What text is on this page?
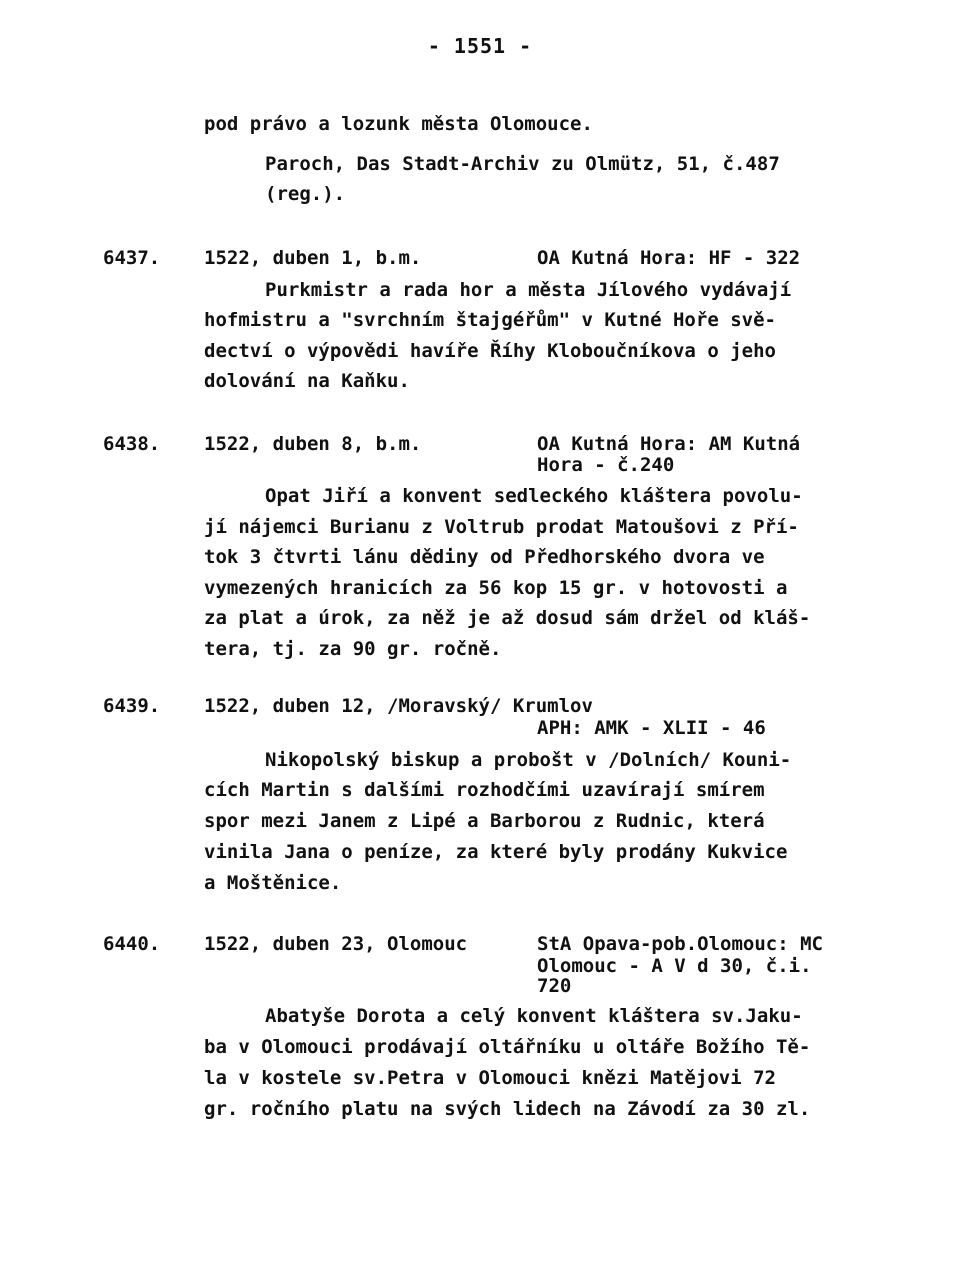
- 1551 -
pod právo a lozunk města Olomouce.
Paroch, Das Stadt-Archiv zu Olmütz, 51, č.487
(reg.).
6437. 1522, duben 1, b.m.	OA Kutná Hora: HF - 322
Purkmistr a rada hor a města Jílového vydávají
hofmistru a "svrchním štajgéřům" v Kutné Hoře svě-
dectví o výpovědi havíře Říhy Kloboučníkova o jeho
dolování na Kaňku.
6438. 1522, duben 8, b.m.	OA Kutná Hora: AM Kutná
Hora - č.240
Opat Jiří a konvent sedleckého kláštera povolu-
jí nájemci Burianu z Voltrub prodat Matoušovi z Pří-
tok 3 čtvrti lánu dědiny od Předhorského dvora ve
vymezených hranicích za 56 kop 15 gr. v hotovosti a
za plat a úrok, za něž je až dosud sám držel od kláš-
tera, tj. za 90 gr. ročně.
6439. 1522, duben 12, /Moravský/ Krumlov
APH: AMK - XLII - 46
Nikopolský biskup a probošt v /Dolních/ Kouni-
cích Martin s dalšími rozhodčími uzavírají smírem
spor mezi Janem z Lipé a Barborou z Rudnic, která
vinila Jana o peníze, za které byly prodány Kukvice
a Moštěnice.
6440. 1522, duben 23, Olomouc	StA Opava-pob.Olomouc: MC
Olomouc - A V d 30, č.i.
720
Abatyše Dorota a celý konvent kláštera sv.Jaku-
ba v Olomouci prodávají oltářníku u oltáře Božího Tě-
la v kostele sv.Petra v Olomouci knězi Matějovi 72
gr. ročního platu na svých lidech na Závodí za 30 zl.
